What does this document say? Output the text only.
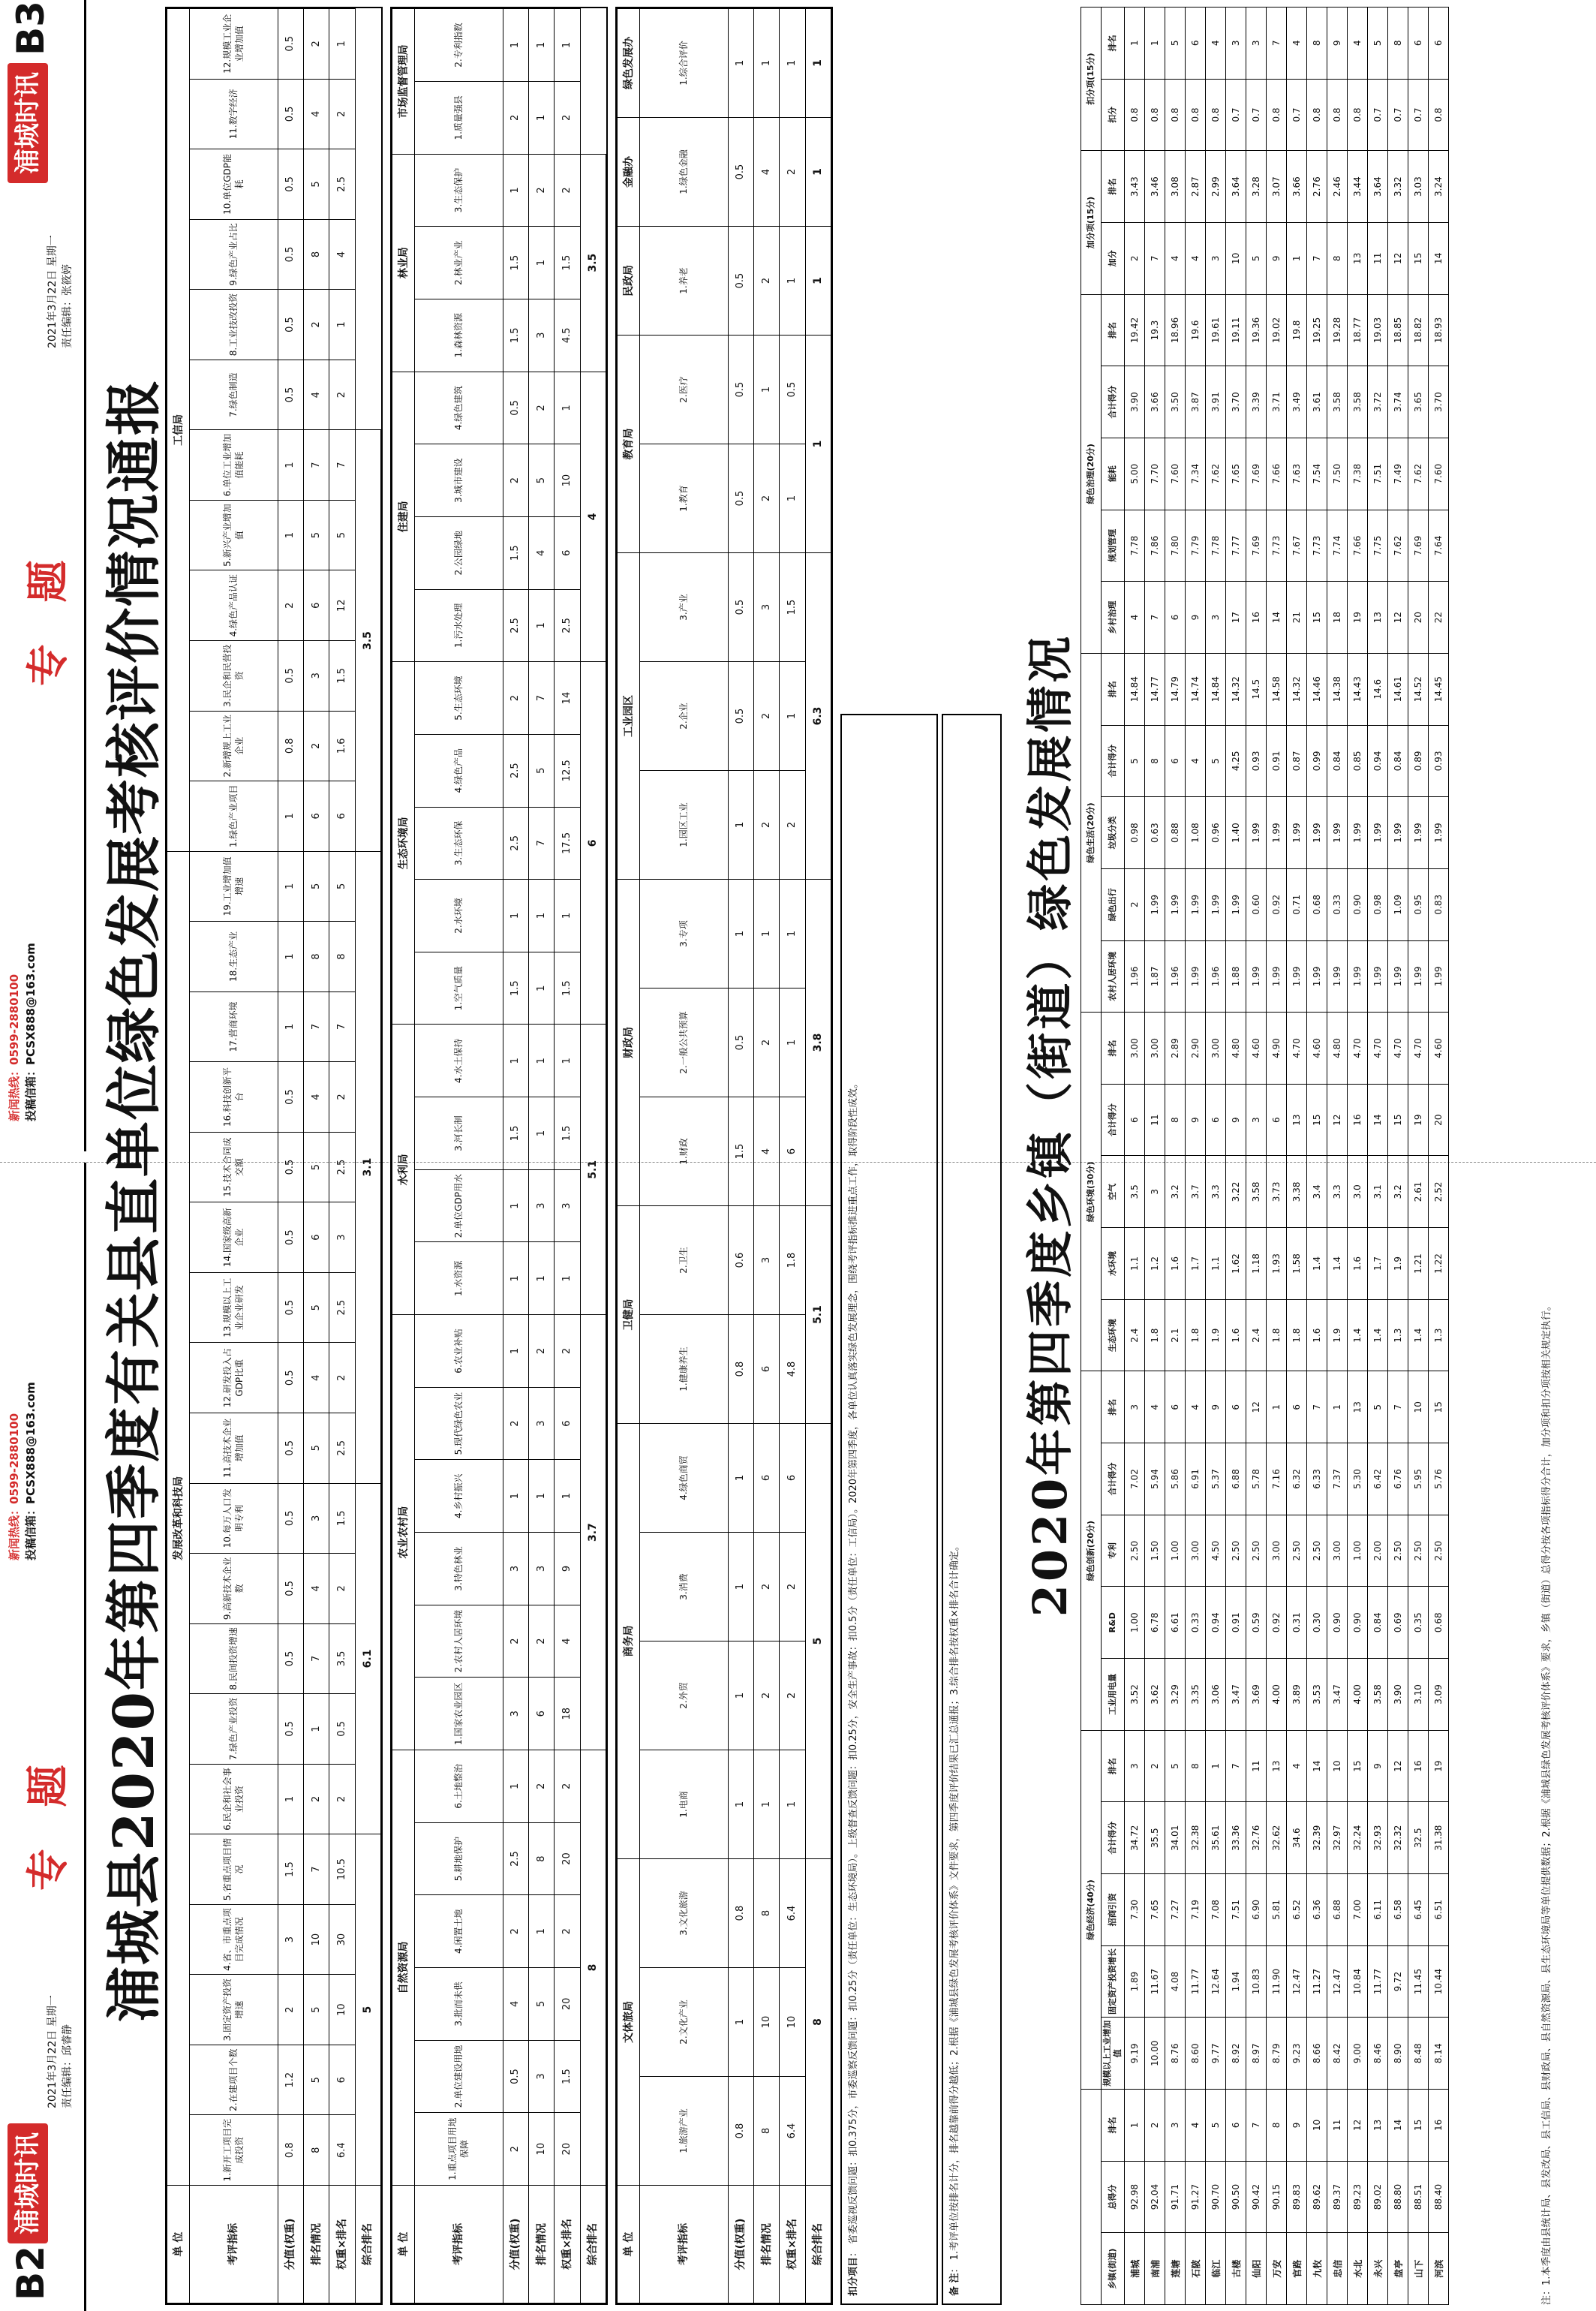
B2
浦城时讯
2021年3月22日 星期一 责任编辑：邱睿静
专 题
新闻热线：0599-2880100 投稿信箱：PCSX888@163.com
新闻热线：0599-2880100 投稿信箱：PCSX888@163.com
专 题
2021年3月22日 星期一 责任编辑：张筱婷
浦城时讯
B3
浦城县2020年第四季度有关县直单位绿色发展考核评价情况通报
单 位	发展改革和科技局																			工信局											
考评指标	1.新开工项目完成投资	2.在建项目个数	3.固定资产投资增速	4.省、市重点项目完成情况	5.省重点项目情况	6.民企和社会事业投资	7.绿色产业投资	8.民间投资增速	9.高新技术企业数	10.每万人口发明专利	11.高技术企业增加值	12.研发投入占GDP比重	13.规模以上工业企业研发	14.国家级高新企业	15.技术合同成交额	16.科技创新平台	17.营商环境	18.生态产业	19.工业增加值增速	1.绿色产业项目	2.新增规上工业企业	3.民企和民营投资	4.绿色产品认证	5.新兴产业增加值	6.单位工业增加值能耗	7.绿色制造	8.工业技改投资	9.绿色产业占比	10.单位GDP能耗	11.数字经济	12.规模工业企业增加值
分值(权重)	0.8	1.2	2	3	1.5	1	0.5	0.5	0.5	0.5	0.5	0.5	0.5	0.5	0.5	0.5	1	1	1	1	0.8	0.5	2	1	1	0.5	0.5	0.5	0.5	0.5	0.5
排名情况	8	5	5	10	7	2	1	7	4	3	5	4	5	6	5	4	7	8	5	6	2	3	6	5	7	4	2	8	5	4	2
权重×排名	6.4	6	10	30	10.5	2	0.5	3.5	2	1.5	2.5	2	2.5	3	2.5	2	7	8	5	6	1.6	1.5	12	5	7	2	1	4	2.5	2	1
综合排名	5					6.1					3.1									3.5											
单 位	自然资源局						农业农村局						水利局				生态环境局					住建局				林业局			市场监督管理局	
考评指标	1.重点项目用地保障	2.单位建设用地	3.批而未供	4.闲置土地	5.耕地保护	6.土地整治	1.国家农业园区	2.农村人居环境	3.特色林业	4.乡村振兴	5.现代绿色农业	6.农业补贴	1.水资源	2.单位GDP用水	3.河长制	4.水土保持	1.空气质量	2.水环境	3.生态环保	4.绿色产品	5.生态环境	1.污水处理	2.公园绿地	3.城市建设	4.绿色建筑	1.森林资源	2.林业产业	3.生态保护	1.质量强县	2.专利指数
分值(权重)	2	0.5	4	2	2.5	1	3	2	3	1	2	1	1	1	1.5	1	1.5	1	2.5	2.5	2	2.5	1.5	2	0.5	1.5	1.5	1	2	1
排名情况	10	3	5	1	8	2	6	2	3	1	3	2	1	3	1	1	1	1	7	5	7	1	4	5	2	3	1	2	1	1
权重×排名	20	1.5	20	2	20	2	18	4	9	1	6	2	1	3	1.5	1	1.5	1	17.5	12.5	14	2.5	6	10	1	4.5	1.5	2	2	1
综合排名	8						3.7						5.1				6					4				3.5				
单 位	文体旅局			商务局				卫健局		财政局			工业园区			教育局		民政局	金融办	绿色发展办
考评指标	1.旅游产业	2.文化产业	3.文化旅游	1.电商	2.外贸	3.消费	4.绿色商贸	1.健康养生	2.卫生	1.财政	2.一般公共预算	3.专项	1.园区工业	2.企业	3.产业	1.教育	2.医疗	1.养老	1.绿色金融	1.综合评价
分值(权重)	0.8	1	0.8	1	1	1	1	0.8	0.6	1.5	0.5	1	1	0.5	0.5	0.5	0.5	0.5	0.5	1
排名情况	8	10	8	1	2	2	6	6	3	4	2	1	2	2	3	2	1	2	4	1
权重×排名	6.4	10	6.4	1	2	2	6	4.8	1.8	6	1	1	2	1	1.5	1	0.5	1	2	1
综合排名	8			5				5.1		3.8			6.3			1		1	1	1
扣分项目： 省委巡视反馈问题：扣0.375分，市委巡察反馈问题：扣0.25分（责任单位：生态环境局）。上级督查反馈问题：扣0.25分，安全生产事故：扣0.5分（责任单位：工信局）。2020年第四季度，各单位认真落实绿色发展理念，围绕考评指标推进重点工作，取得阶段性成效。
备 注： 1.考评单位按排名计分，排名越靠前得分越低；2.根据《浦城县绿色发展考核评价体系》文件要求，第四季度评价结果已汇总通报；3.综合排名按权重×排名合计确定。
2020年第四季度乡镇（街道）绿色发展情况
			绿色经济(40分)					绿色创新(20分)					绿色环境(30分)					绿色生活(20分)					绿色治理(20分)					加分项(15分)		扣分项(15分)	
乡镇(街道)	总得分	排名	规模以上工业增加值	固定资产投资增长	招商引资	合计得分	排名	工业用电量	R&D	专利	合计得分	排名	生态环境	水环境	空气	合计得分	排名	农村人居环境	绿色出行	垃圾分类	合计得分	排名	乡村治理	规划管理	能耗	合计得分	排名	加分	排名	扣分	排名
浦城	92.98	1	9.19	1.89	7.30	34.72	3	3.52	1.00	2.50	7.02	3	2.4	1.1	3.5	6	3.00	1.96	2	0.98	5	14.84	4	7.78	5.00	3.90	19.42	2	3.43	0.8	1
南浦	92.04	2	10.00	11.67	7.65	35.5	2	3.62	6.78	1.50	5.94	4	1.8	1.2	3	11	3.00	1.87	1.99	0.63	8	14.77	7	7.86	7.70	3.66	19.3	7	3.46	0.8	1
莲塘	91.71	3	8.76	4.08	7.27	34.01	5	3.29	6.61	1.00	5.86	6	2.1	1.6	3.2	8	2.89	1.96	1.99	0.88	6	14.79	6	7.80	7.60	3.50	18.96	4	3.08	0.8	5
石陂	91.27	4	8.60	11.77	7.19	32.38	8	3.35	0.33	3.00	6.91	4	1.8	1.7	3.7	9	2.90	1.99	1.99	1.08	4	14.74	9	7.79	7.34	3.87	19.6	4	2.87	0.8	6
临江	90.70	5	9.77	12.64	7.08	35.61	1	3.06	0.94	4.50	5.37	9	1.9	1.1	3.3	6	3.00	1.96	1.99	0.96	5	14.84	3	7.78	7.62	3.91	19.61	3	2.99	0.8	4
古楼	90.50	6	8.92	1.94	7.51	33.36	7	3.47	0.91	2.50	6.88	6	1.6	1.62	3.22	9	4.80	1.88	1.99	1.40	4.25	14.32	17	7.77	7.65	3.70	19.11	10	3.64	0.7	3
仙阳	90.42	7	8.97	10.83	6.90	32.76	11	3.69	0.59	2.50	5.78	12	2.4	1.18	3.58	3	4.60	1.99	0.60	1.99	0.93	14.5	16	7.69	7.69	3.39	19.36	5	3.28	0.7	3
万安	90.15	8	8.79	11.90	5.81	32.62	13	4.00	0.92	3.00	7.16	1	1.8	1.93	3.73	6	4.90	1.99	0.92	1.99	0.91	14.58	14	7.73	7.66	3.71	19.02	9	3.07	0.8	7
官路	89.83	9	9.23	12.47	6.52	34.6	4	3.89	0.31	2.50	6.32	6	1.8	1.58	3.38	13	4.70	1.99	0.71	1.99	0.87	14.32	21	7.67	7.63	3.49	19.8	1	3.66	0.7	4
九牧	89.62	10	8.66	11.27	6.36	32.39	14	3.53	0.30	2.50	6.33	7	1.6	1.4	3.4	15	4.60	1.99	0.68	1.99	0.99	14.46	15	7.73	7.54	3.61	19.25	7	2.76	0.8	8
忠信	89.37	11	8.42	12.47	6.88	32.97	10	3.47	0.90	3.00	7.37	1	1.9	1.4	3.3	12	4.80	1.99	0.33	1.99	0.84	14.38	18	7.74	7.50	3.58	19.28	8	2.46	0.8	9
水北	89.23	12	9.00	10.84	7.00	32.24	15	4.00	0.90	1.00	5.30	13	1.4	1.6	3.0	16	4.70	1.99	0.90	1.99	0.85	14.43	19	7.66	7.38	3.58	18.77	13	3.44	0.8	4
永兴	89.02	13	8.46	11.77	6.11	32.93	9	3.58	0.84	2.00	6.42	5	1.4	1.7	3.1	14	4.70	1.99	0.98	1.99	0.94	14.6	13	7.75	7.51	3.72	19.03	11	3.64	0.7	5
盘亭	88.80	14	8.90	9.72	6.58	32.32	12	3.90	0.69	2.50	6.76	7	1.3	1.9	3.2	15	4.70	1.99	1.09	1.99	0.84	14.61	12	7.62	7.49	3.74	18.85	12	3.32	0.7	8
山下	88.51	15	8.48	11.45	6.45	32.5	16	3.10	0.35	2.50	5.95	10	1.4	1.21	2.61	19	4.70	1.99	0.95	1.99	0.89	14.52	20	7.69	7.62	3.65	18.82	15	3.03	0.7	6
河滨	88.40	16	8.14	10.44	6.51	31.38	19	3.09	0.68	2.50	5.76	15	1.3	1.22	2.52	20	4.60	1.99	0.83	1.99	0.93	14.45	22	7.64	7.60	3.70	18.93	14	3.24	0.8	6
注：1.本季度由县统计局、县发改局、县工信局、县财政局、县自然资源局、县生态环境局等单位提供数据；2.根据《浦城县绿色发展考核评价体系》要求，乡镇（街道）总得分按各项指标得分合计，加分项和扣分项按相关规定执行。
